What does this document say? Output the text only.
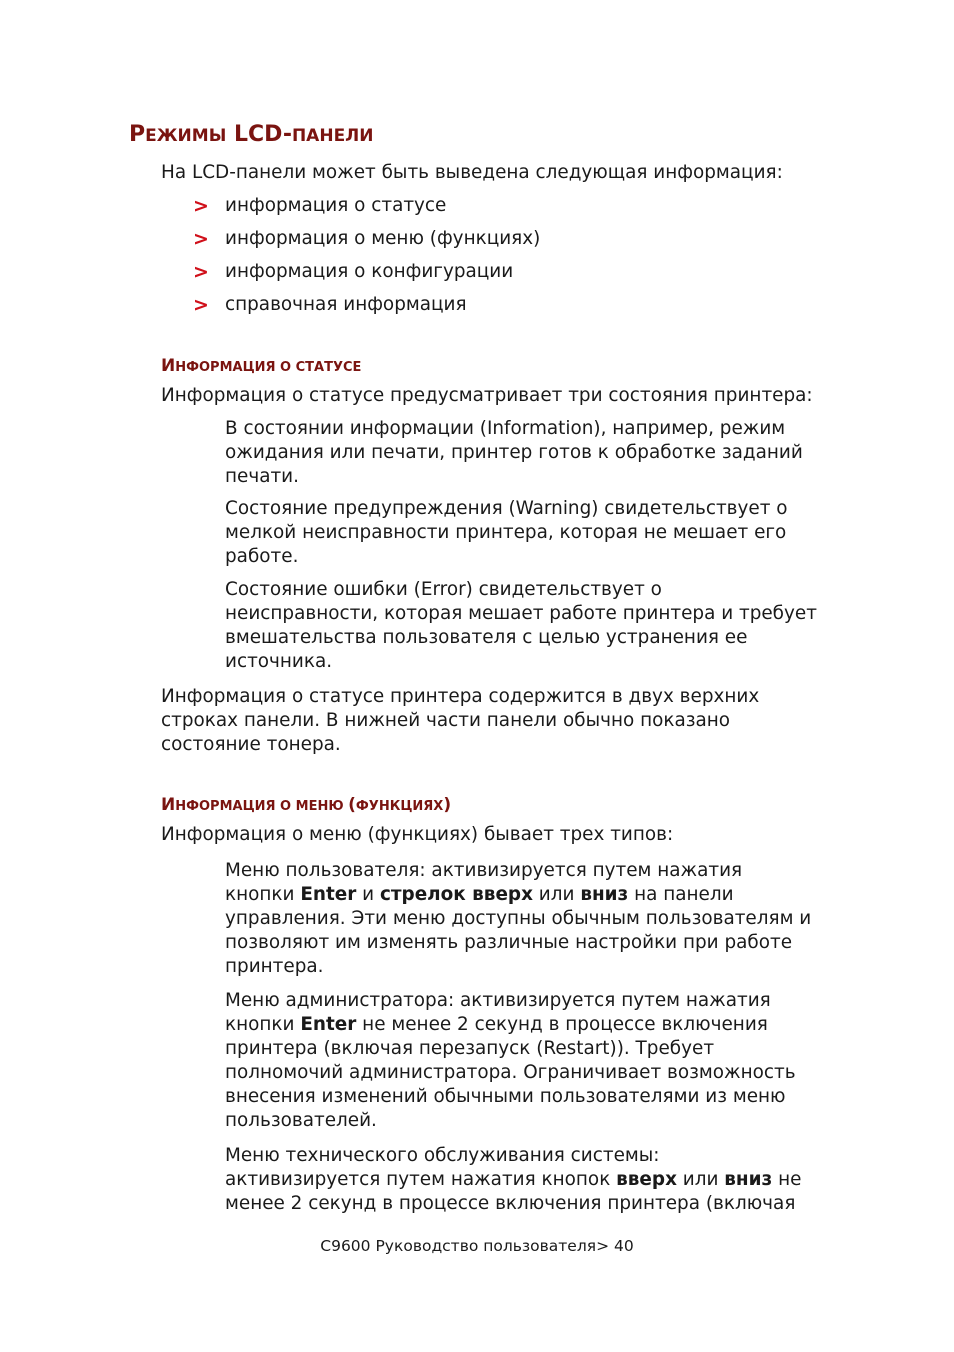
РЕЖИМЫ LCD-ПАНЕЛИ

На LCD-панели может быть выведена следующая информация:

> информация о статусе
> информация о меню (функциях)
> информация о конфигурации
> справочная информация
ИНФОРМАЦИЯ О СТАТУСЕ

Информация о статусе предусматривает три состояния принтера:

В состоянии информации (Information), например, режим

ожидания или печати, принтер готов к обработке заданий

печати.

Состояние предупреждения (Warning) свидетельствует о

мелкой неисправности принтера, которая не мешает его

работе.

Состояние ошибки (Error) свидетельствует о

неисправности, которая мешает работе принтера и требует

вмешательства пользователя с целью устранения ее

источника.

Информация о статусе принтера содержится в двух верхних

строках панели. В нижней части панели обычно показано

состояние тонера.

ИНФОРМАЦИЯ О МЕНЮ (ФУНКЦИЯХ)

Информация о меню (функциях) бывает трех типов:

Меню пользователя: активизируется путем нажатия

кнопки Enter и стрелок вверх или вниз на панели

управления. Эти меню доступны обычным пользователям и

позволяют им изменять различные настройки при работе

принтера.

Меню администратора: активизируется путем нажатия

кнопки Enter не менее 2 секунд в процессе включения

принтера (включая перезапуск (Restart)). Требует

полномочий администратора. Ограничивает возможность

внесения изменений обычными пользователями из меню

пользователей.

Меню технического обслуживания системы:

активизируется путем нажатия кнопок вверх или вниз не

менее 2 секунд в процессе включения принтера (включая

C9600 Руководство пользователя> 40
